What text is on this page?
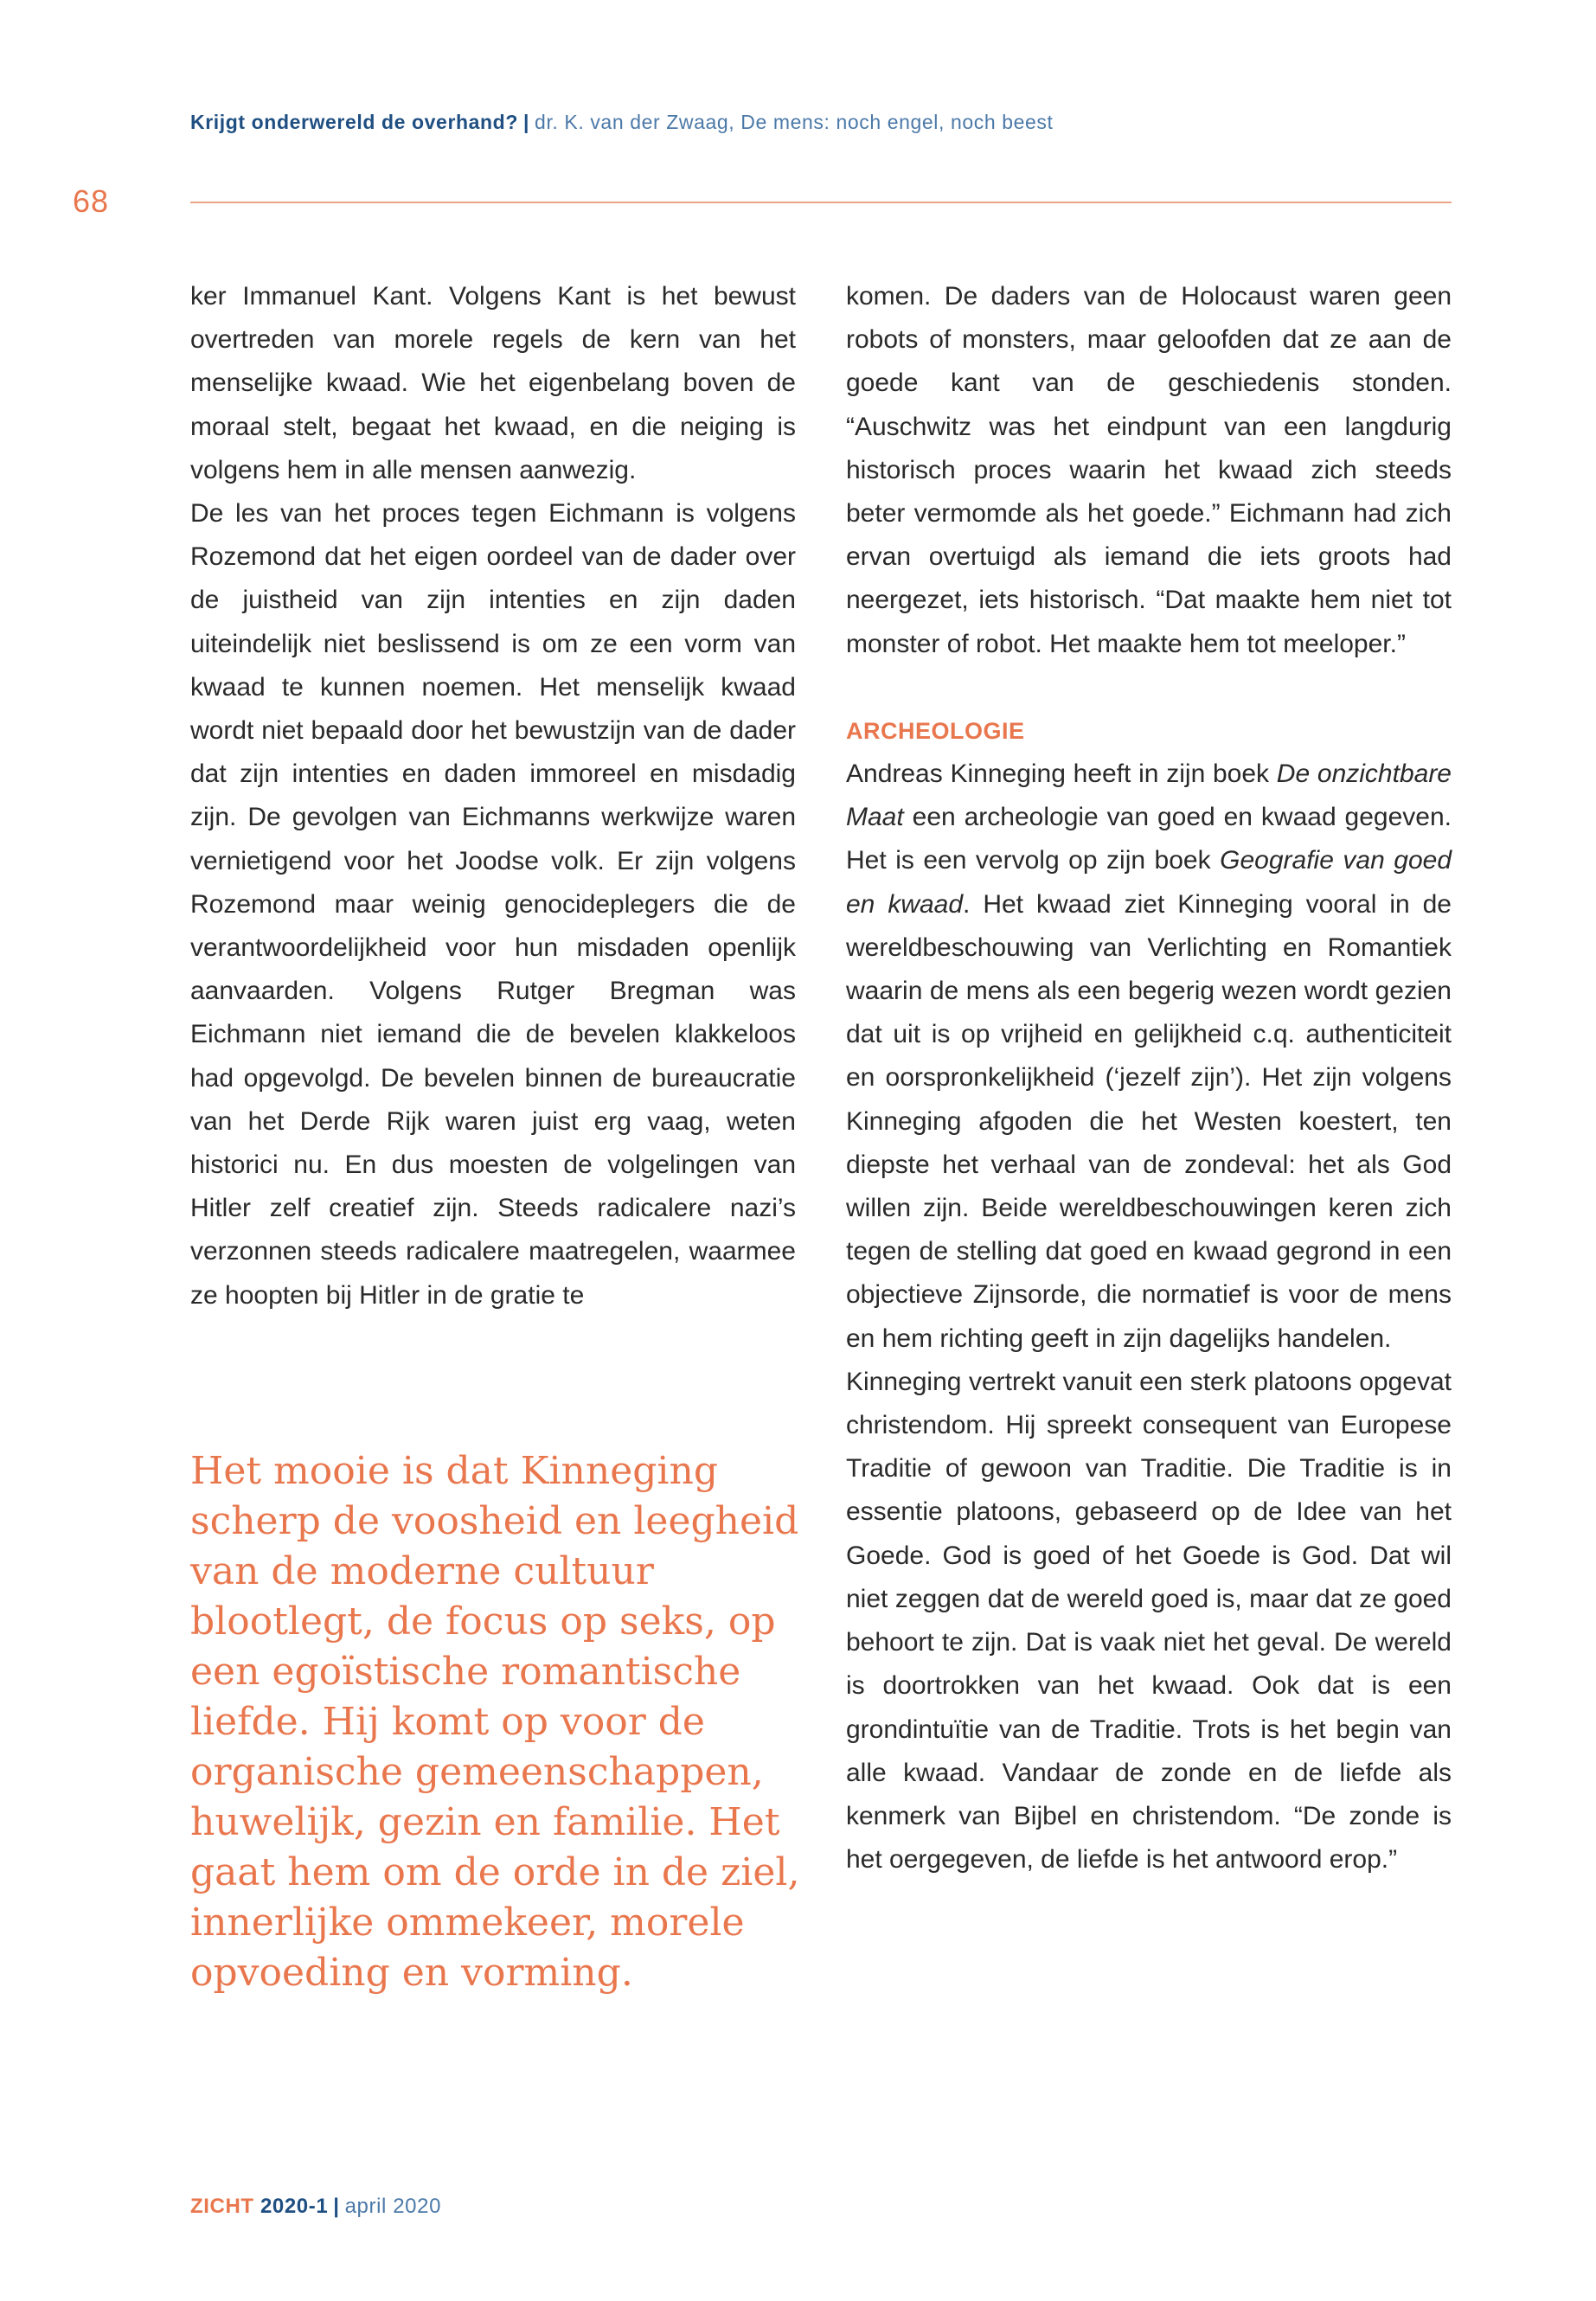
Krijgt onderwereld de overhand? | dr. K. van der Zwaag, De mens: noch engel, noch beest
68

ker Immanuel Kant. Volgens Kant is het bewust overtreden van morele regels de kern van het menselijke kwaad. Wie het eigenbelang boven de moraal stelt, begaat het kwaad, en die neiging is volgens hem in alle mensen aanwezig.

De les van het proces tegen Eichmann is volgens Rozemond dat het eigen oordeel van de dader over de juistheid van zijn intenties en zijn daden uiteindelijk niet beslissend is om ze een vorm van kwaad te kunnen noemen. Het menselijk kwaad wordt niet bepaald door het bewustzijn van de dader dat zijn intenties en daden immoreel en misdadig zijn. De gevolgen van Eichmanns werkwijze waren vernietigend voor het Joodse volk. Er zijn volgens Rozemond maar weinig genocideplegers die de verantwoordelijkheid voor hun misdaden openlijk aanvaarden. Volgens Rutger Bregman was Eichmann niet iemand die de bevelen klakkeloos had opgevolgd. De bevelen binnen de bureaucratie van het Derde Rijk waren juist erg vaag, weten historici nu. En dus moesten de volgelingen van Hitler zelf creatief zijn. Steeds radicalere nazi’s verzonnen steeds radicalere maatregelen, waarmee ze hoopten bij Hitler in de gratie te

Het mooie is dat Kinneging scherp de voosheid en leegheid van de moderne cultuur blootlegt, de focus op seks, op een egoïstische romantische liefde. Hij komt op voor de organische gemeenschappen, huwelijk, gezin en familie. Het gaat hem om de orde in de ziel, innerlijke ommekeer, morele opvoeding en vorming.

komen. De daders van de Holocaust waren geen robots of monsters, maar geloofden dat ze aan de goede kant van de geschiedenis stonden. “Auschwitz was het eindpunt van een langdurig historisch proces waarin het kwaad zich steeds beter vermomde als het goede.” Eichmann had zich ervan overtuigd als iemand die iets groots had neergezet, iets historisch. “Dat maakte hem niet tot monster of robot. Het maakte hem tot meeloper.”

ARCHEOLOGIE

Andreas Kinneging heeft in zijn boek De onzichtbare Maat een archeologie van goed en kwaad gegeven. Het is een vervolg op zijn boek Geografie van goed en kwaad. Het kwaad ziet Kinneging vooral in de wereldbeschouwing van Verlichting en Romantiek waarin de mens als een begerig wezen wordt gezien dat uit is op vrijheid en gelijkheid c.q. authenticiteit en oorspronkelijkheid (‘jezelf zijn’). Het zijn volgens Kinneging afgoden die het Westen koestert, ten diepste het verhaal van de zondeval: het als God willen zijn. Beide wereldbeschouwingen keren zich tegen de stelling dat goed en kwaad gegrond in een objectieve Zijnsorde, die normatief is voor de mens en hem richting geeft in zijn dagelijks handelen.

Kinneging vertrekt vanuit een sterk platoons opgevat christendom. Hij spreekt consequent van Europese Traditie of gewoon van Traditie. Die Traditie is in essentie platoons, gebaseerd op de Idee van het Goede. God is goed of het Goede is God. Dat wil niet zeggen dat de wereld goed is, maar dat ze goed behoort te zijn. Dat is vaak niet het geval. De wereld is doortrokken van het kwaad. Ook dat is een grondintuïtie van de Traditie. Trots is het begin van alle kwaad. Vandaar de zonde en de liefde als kenmerk van Bijbel en christendom. “De zonde is het oergegeven, de liefde is het antwoord erop.”

ZICHT 2020-1 | april 2020
